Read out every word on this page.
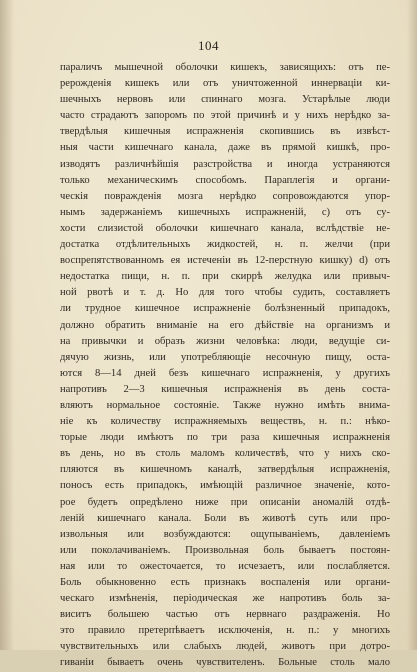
104
параличъ мышечной оболочки кишекъ, зависящихъ: отъ пе-
рерожденія кишекъ или отъ уничтоженной иннерваціи ки-
шечныхъ нервовъ или спиннаго мозга. Устарѣлые люди
часто страдаютъ запоромъ по этой причинѣ и у нихъ нерѣдко за-
твердѣлыя кишечныя испражненія скопившись въ извѣст-
ныя части кишечнаго канала, даже въ прямой кишкѣ, про-
изводятъ различнѣйшія разстройства и иногда устраняются
только механическимъ способомъ. Параплегія и органи-
ческія повражденія мозга нерѣдко сопровождаются упор-
нымъ задержаніемъ кишечныхъ испражненій, с) отъ су-
хости слизистой оболочки кишечнаго канала, вслѣдствіе не-
достатка отдѣлительныхъ жидкостей, н. п. желчи (при
воспрепятствованномъ ея истеченіи въ 12-перстную кишку) d) отъ
недостатка пищи, н. п. при скиррѣ желудка или привыч-
ной рвотѣ и т. д. Но для того чтобы судить, составляетъ
ли трудное кишечное испражненіе болѣзненный припадокъ,
должно обратить вниманіе на его дѣйствіе на организмъ и
на привычки и образъ жизни человѣка: люди, ведущіе си-
дячую жизнь, или употребляющіе несочную пищу, оста-
ются 8—14 дней безъ кишечнаго испражненія, у другихъ
напротивъ 2—3 кишечныя испражненія въ день соста-
вляютъ нормальное состояніе. Также нужно имѣть внима-
ніе къ количеству испражняемыхъ веществъ, н. п.: нѣко-
торые люди имѣютъ по три раза кишечныя испражненія
въ день, но въ столь маломъ количествѣ, что у нихъ ско-
пляются въ кишечномъ каналѣ, затвердѣлыя испражненія,
поносъ есть припадокъ, имѣющій различное значеніе, кото-
рое будетъ опредѣлено ниже при описаніи аномалій отдѣ-
леній кишечнаго канала. Боли въ животѣ суть или про-
извольныя или возбуждаются: ощупываніемъ, давленіемъ
или поколачиваніемъ. Произвольная боль бываетъ постоян-
ная или то ожесточается, то исчезаетъ, или послабляется.
Боль обыкновенно есть признакъ воспаленія или органи-
ческаго измѣненія, періодическая же напротивъ боль за-
виситъ большею частью отъ нервнаго раздраженія. Но
это правило претерпѣваетъ исключенія, н. п.: у многихъ
чувствительныхъ или слабыхъ людей, животъ при дотро-
гиваніи бываетъ очень чувствителенъ. Больные столь мало
